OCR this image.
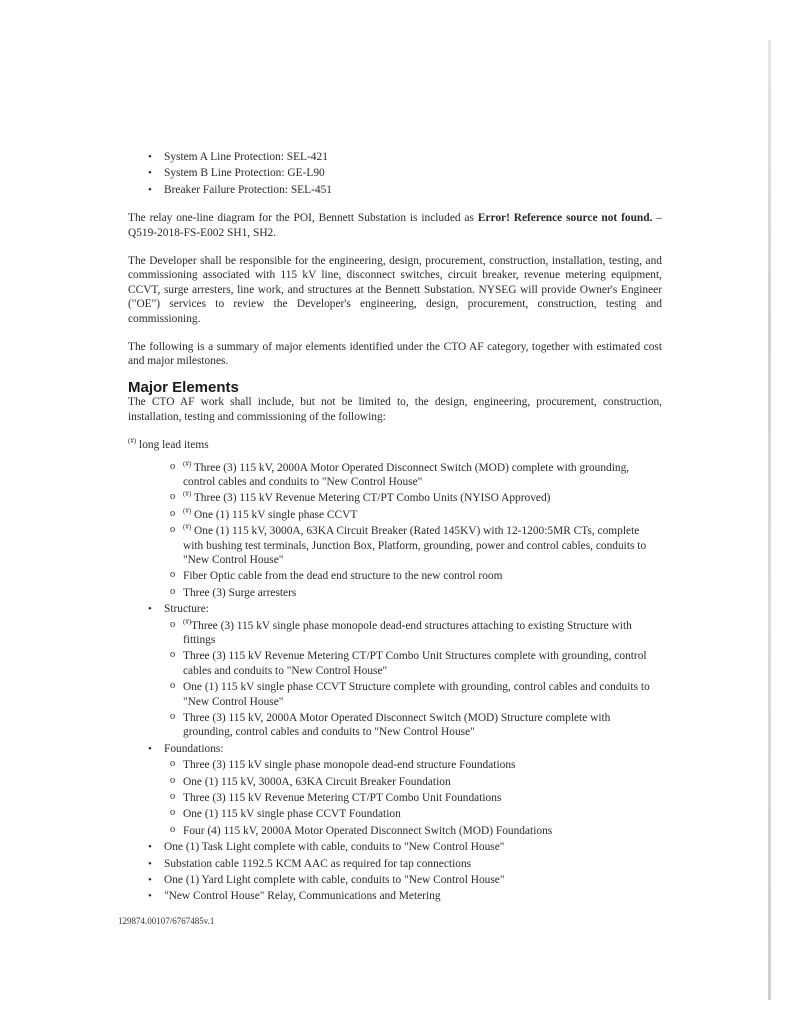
• System A Line Protection: SEL-421
• System B Line Protection: GE-L90
• Breaker Failure Protection: SEL-451

The relay one-line diagram for the POI, Bennett Substation is included as Error! Reference source not found. – Q519-2018-FS-E002 SH1, SH2.

The Developer shall be responsible for the engineering, design, procurement, construction, installation, testing, and commissioning associated with 115 kV line, disconnect switches, circuit breaker, revenue metering equipment, CCVT, surge arresters, line work, and structures at the Bennett Substation. NYSEG will provide Owner's Engineer ("OE") services to review the Developer's engineering, design, procurement, construction, testing and commissioning.

The following is a summary of major elements identified under the CTO AF category, together with estimated cost and major milestones.

Major Elements

The CTO AF work shall include, but not be limited to, the design, engineering, procurement, construction, installation, testing and commissioning of the following:

(#) long lead items

o (#) Three (3) 115 kV, 2000A Motor Operated Disconnect Switch (MOD) complete with grounding, control cables and conduits to "New Control House"
o (#) Three (3) 115 kV Revenue Metering CT/PT Combo Units (NYISO Approved)
o (#) One (1) 115 kV single phase CCVT
o (#) One (1) 115 kV, 3000A, 63KA Circuit Breaker (Rated 145KV) with 12-1200:5MR CTs, complete with bushing test terminals, Junction Box, Platform, grounding, power and control cables, conduits to "New Control House"
o Fiber Optic cable from the dead end structure to the new control room
o Three (3) Surge arresters
• Structure:
o (#)Three (3) 115 kV single phase monopole dead-end structures attaching to existing Structure with fittings
o Three (3) 115 kV Revenue Metering CT/PT Combo Unit Structures complete with grounding, control cables and conduits to "New Control House"
o One (1) 115 kV single phase CCVT Structure complete with grounding, control cables and conduits to "New Control House"
o Three (3) 115 kV, 2000A Motor Operated Disconnect Switch (MOD) Structure complete with grounding, control cables and conduits to "New Control House"
• Foundations:
o Three (3) 115 kV single phase monopole dead-end structure Foundations
o One (1) 115 kV, 3000A, 63KA Circuit Breaker Foundation
o Three (3) 115 kV Revenue Metering CT/PT Combo Unit Foundations
o One (1) 115 kV single phase CCVT Foundation
o Four (4) 115 kV, 2000A Motor Operated Disconnect Switch (MOD) Foundations
• One (1) Task Light complete with cable, conduits to "New Control House"
• Substation cable 1192.5 KCM AAC as required for tap connections
• One (1) Yard Light complete with cable, conduits to "New Control House"
• "New Control House" Relay, Communications and Metering
129874.00107/6767485v.1
